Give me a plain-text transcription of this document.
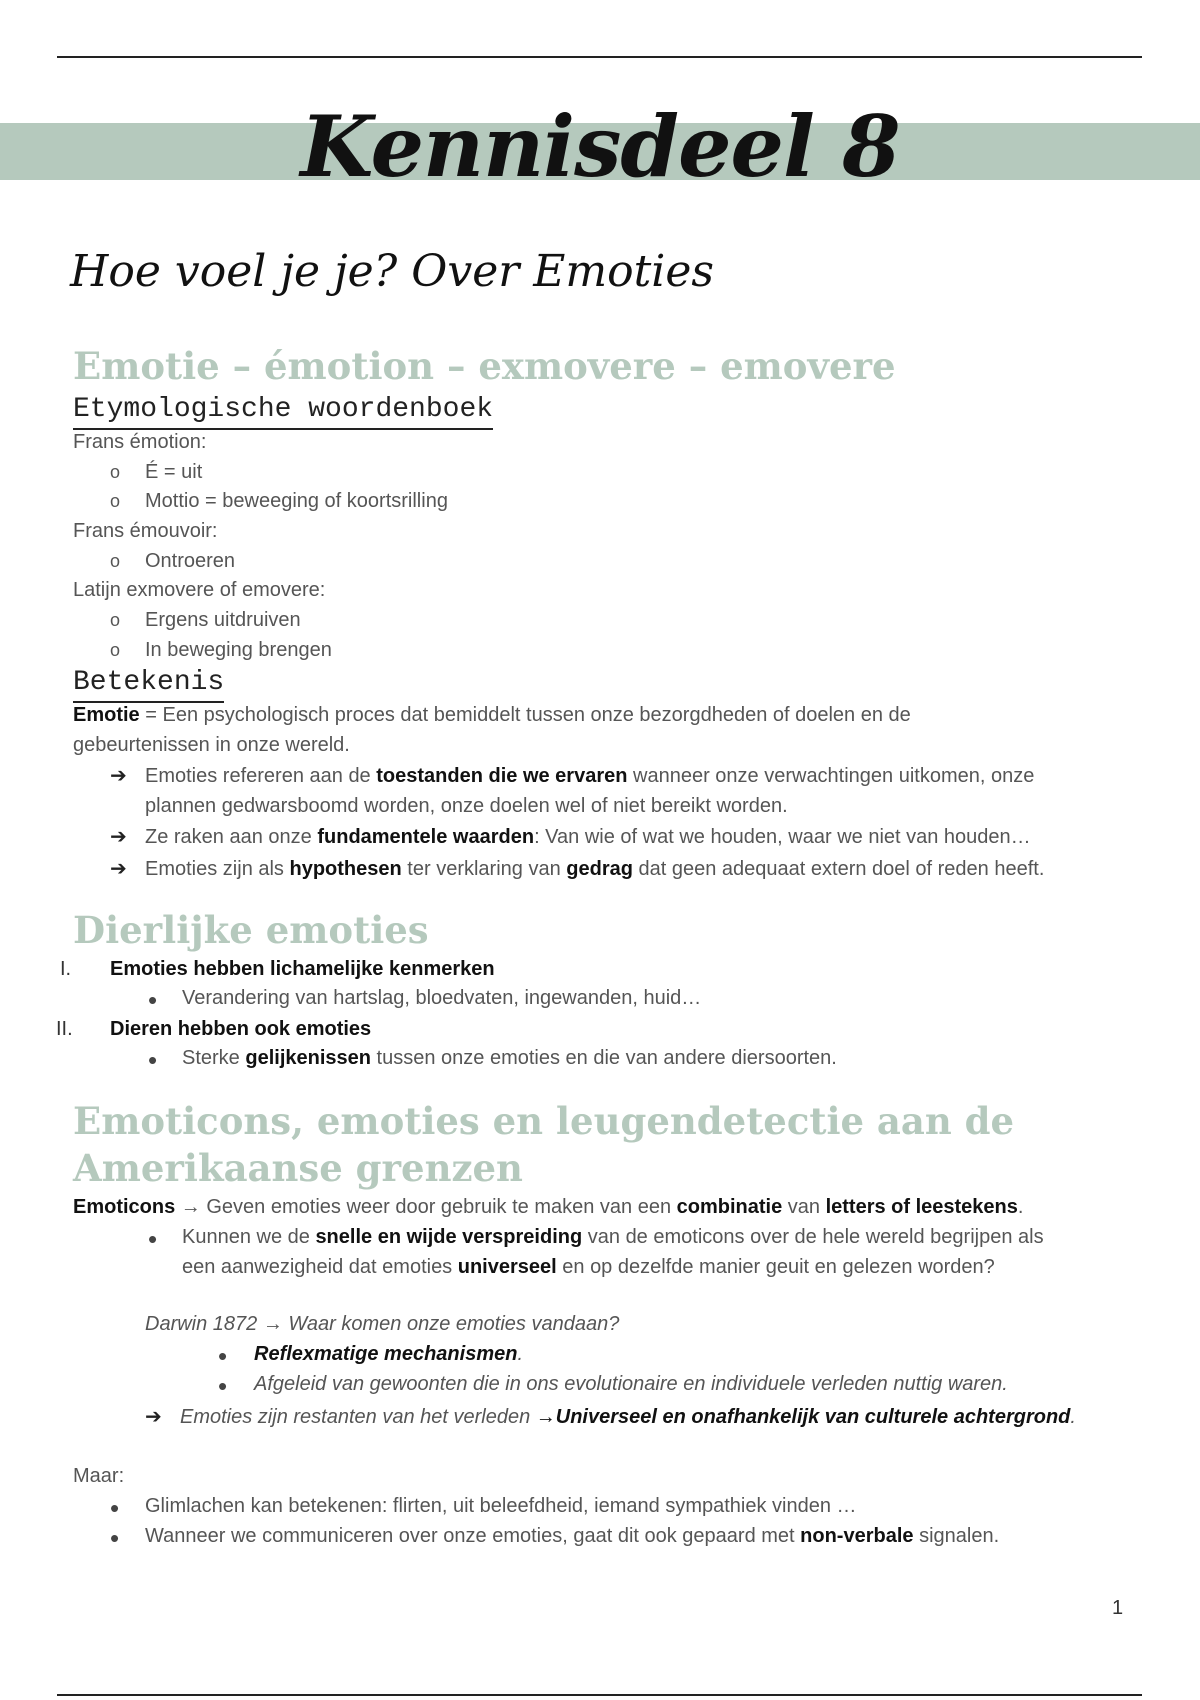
Kennisdeel 8
Hoe voel je je? Over Emoties
Emotie – émotion – exmovere – emovere
Etymologische woordenboek
Frans émotion:
o É = uit
o Mottio = beweeging of koortsrilling
Frans émouvoir:
o Ontroeren
Latijn exmovere of emovere:
o Ergens uitdruiven
o In beweging brengen
Betekenis
Emotie = Een psychologisch proces dat bemiddelt tussen onze bezorgdheden of doelen en de
gebeurtenissen in onze wereld.
➔ Emoties refereren aan de toestanden die we ervaren wanneer onze verwachtingen uitkomen, onze
plannen gedwarsboomd worden, onze doelen wel of niet bereikt worden.
➔ Ze raken aan onze fundamentele waarden: Van wie of wat we houden, waar we niet van houden…
➔ Emoties zijn als hypothesen ter verklaring van gedrag dat geen adequaat extern doel of reden heeft.
Dierlijke emoties
I. Emoties hebben lichamelijke kenmerken
• Verandering van hartslag, bloedvaten, ingewanden, huid…
II. Dieren hebben ook emoties
• Sterke gelijkenissen tussen onze emoties en die van andere diersoorten.
Emoticons, emoties en leugendetectie aan de
Amerikaanse grenzen
Emoticons → Geven emoties weer door gebruik te maken van een combinatie van letters of leestekens.
• Kunnen we de snelle en wijde verspreiding van de emoticons over de hele wereld begrijpen als
een aanwezigheid dat emoties universeel en op dezelfde manier geuit en gelezen worden?
Darwin 1872 → Waar komen onze emoties vandaan?
• Reflexmatige mechanismen.
• Afgeleid van gewoonten die in ons evolutionaire en individuele verleden nuttig waren.
➔ Emoties zijn restanten van het verleden →Universeel en onafhankelijk van culturele achtergrond.
Maar:
• Glimlachen kan betekenen: flirten, uit beleefdheid, iemand sympathiek vinden …
• Wanneer we communiceren over onze emoties, gaat dit ook gepaard met non-verbale signalen.
1
